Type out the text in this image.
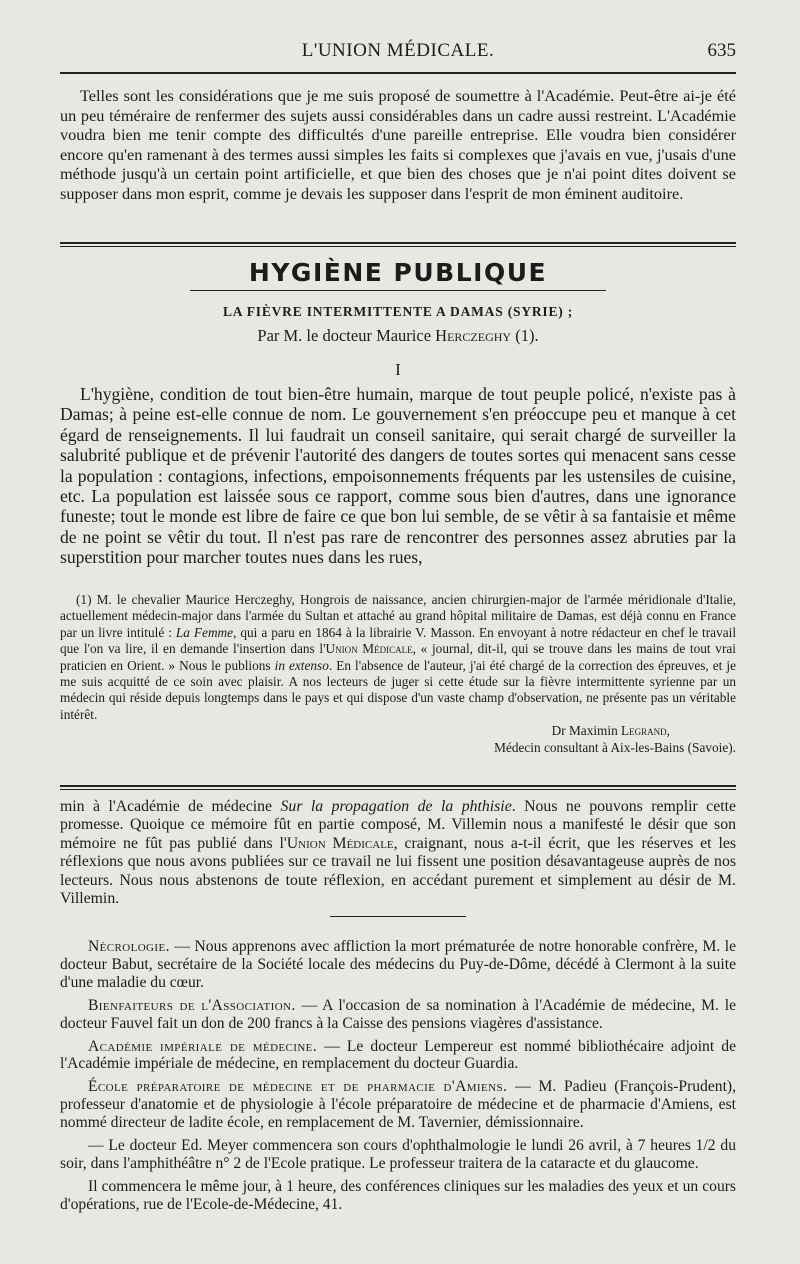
L'UNION MÉDICALE.	635

Telles sont les considérations que je me suis proposé de soumettre à l'Académie. Peut-être ai-je été un peu téméraire de renfermer des sujets aussi considérables dans un cadre aussi restreint. L'Académie voudra bien me tenir compte des difficultés d'une pareille entreprise. Elle voudra bien considérer encore qu'en ramenant à des termes aussi simples les faits si complexes que j'avais en vue, j'usais d'une méthode jusqu'à un certain point artificielle, et que bien des choses que je n'ai point dites doivent se supposer dans mon esprit, comme je devais les supposer dans l'esprit de mon éminent auditoire.

HYGIÈNE PUBLIQUE
LA FIÈVRE INTERMITTENTE A DAMAS (SYRIE) ;
Par M. le docteur Maurice Herczeghy (1).
I

L'hygiène, condition de tout bien-être humain, marque de tout peuple policé, n'existe pas à Damas; à peine est-elle connue de nom. Le gouvernement s'en préoccupe peu et manque à cet égard de renseignements. Il lui faudrait un conseil sanitaire, qui serait chargé de surveiller la salubrité publique et de prévenir l'autorité des dangers de toutes sortes qui menacent sans cesse la population : contagions, infections, empoisonnements fréquents par les ustensiles de cuisine, etc. La population est laissée sous ce rapport, comme sous bien d'autres, dans une ignorance funeste; tout le monde est libre de faire ce que bon lui semble, de se vêtir à sa fantaisie et même de ne point se vêtir du tout. Il n'est pas rare de rencontrer des personnes assez abruties par la superstition pour marcher toutes nues dans les rues,

(1) M. le chevalier Maurice Herczeghy, Hongrois de naissance, ancien chirurgien-major de l'armée méridionale d'Italie, actuellement médecin-major dans l'armée du Sultan et attaché au grand hôpital militaire de Damas, est déjà connu en France par un livre intitulé : La Femme, qui a paru en 1864 à la librairie V. Masson. En envoyant à notre rédacteur en chef le travail que l'on va lire, il en demande l'insertion dans l'Union Médicale, « journal, dit-il, qui se trouve dans les mains de tout vrai praticien en Orient. » Nous le publions in extenso. En l'absence de l'auteur, j'ai été chargé de la correction des épreuves, et je me suis acquitté de ce soin avec plaisir. A nos lecteurs de juger si cette étude sur la fièvre intermittente syrienne par un médecin qui réside depuis longtemps dans le pays et qui dispose d'un vaste champ d'observation, ne présente pas un véritable intérêt.

Dr Maximin Legrand,
Médecin consultant à Aix-les-Bains (Savoie).

min à l'Académie de médecine Sur la propagation de la phthisie. Nous ne pouvons remplir cette promesse. Quoique ce mémoire fût en partie composé, M. Villemin nous a manifesté le désir que son mémoire ne fût pas publié dans l'Union Médicale, craignant, nous a-t-il écrit, que les réserves et les réflexions que nous avons publiées sur ce travail ne lui fissent une position désavantageuse auprès de nos lecteurs. Nous nous abstenons de toute réflexion, en accédant purement et simplement au désir de M. Villemin.

Nécrologie. — Nous apprenons avec affliction la mort prématurée de notre honorable confrère, M. le docteur Babut, secrétaire de la Société locale des médecins du Puy-de-Dôme, décédé à Clermont à la suite d'une maladie du cœur.

Bienfaiteurs de l'Association. — A l'occasion de sa nomination à l'Académie de médecine, M. le docteur Fauvel fait un don de 200 francs à la Caisse des pensions viagères d'assistance.

Académie impériale de médecine. — Le docteur Lempereur est nommé bibliothécaire adjoint de l'Académie impériale de médecine, en remplacement du docteur Guardia.

École préparatoire de médecine et de pharmacie d'Amiens. — M. Padieu (François-Prudent), professeur d'anatomie et de physiologie à l'école préparatoire de médecine et de pharmacie d'Amiens, est nommé directeur de ladite école, en remplacement de M. Tavernier, démissionnaire.

— Le docteur Ed. Meyer commencera son cours d'ophthalmologie le lundi 26 avril, à 7 heures 1/2 du soir, dans l'amphithéâtre n° 2 de l'Ecole pratique. Le professeur traitera de la cataracte et du glaucome.

Il commencera le même jour, à 1 heure, des conférences cliniques sur les maladies des yeux et un cours d'opérations, rue de l'Ecole-de-Médecine, 41.
